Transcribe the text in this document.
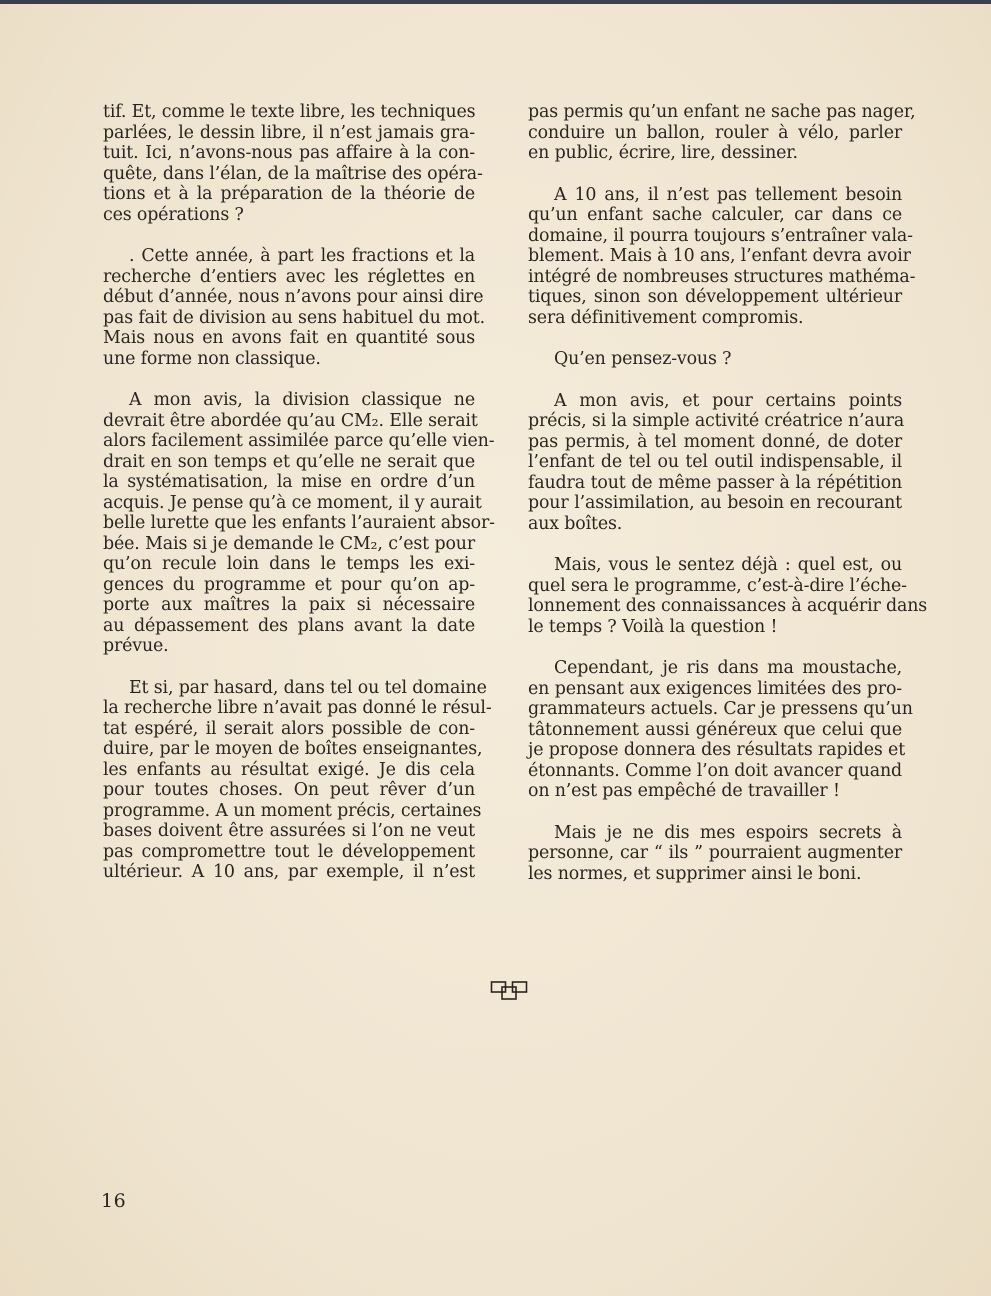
tif. Et, comme le texte libre, les techniques

parlées, le dessin libre, il n’est jamais gra-

tuit. Ici, n’avons-nous pas affaire à la con-

quête, dans l’élan, de la maîtrise des opéra-

tions et à la préparation de la théorie de

ces opérations ?

. Cette année, à part les fractions et la

recherche d’entiers avec les réglettes en

début d’année, nous n’avons pour ainsi dire

pas fait de division au sens habituel du mot.

Mais nous en avons fait en quantité sous

une forme non classique.

A mon avis, la division classique ne

devrait être abordée qu’au CM₂. Elle serait

alors facilement assimilée parce qu’elle vien-

drait en son temps et qu’elle ne serait que

la systématisation, la mise en ordre d’un

acquis. Je pense qu’à ce moment, il y aurait

belle lurette que les enfants l’auraient absor-

bée. Mais si je demande le CM₂, c’est pour

qu’on recule loin dans le temps les exi-

gences du programme et pour qu’on ap-

porte aux maîtres la paix si nécessaire

au dépassement des plans avant la date

prévue.

Et si, par hasard, dans tel ou tel domaine

la recherche libre n’avait pas donné le résul-

tat espéré, il serait alors possible de con-

duire, par le moyen de boîtes enseignantes,

les enfants au résultat exigé. Je dis cela

pour toutes choses. On peut rêver d’un

programme. A un moment précis, certaines

bases doivent être assurées si l’on ne veut

pas compromettre tout le développement

ultérieur. A 10 ans, par exemple, il n’est

pas permis qu’un enfant ne sache pas nager,

conduire un ballon, rouler à vélo, parler

en public, écrire, lire, dessiner.

A 10 ans, il n’est pas tellement besoin

qu’un enfant sache calculer, car dans ce

domaine, il pourra toujours s’entraîner vala-

blement. Mais à 10 ans, l’enfant devra avoir

intégré de nombreuses structures mathéma-

tiques, sinon son développement ultérieur

sera définitivement compromis.

Qu’en pensez-vous ?

A mon avis, et pour certains points

précis, si la simple activité créatrice n’aura

pas permis, à tel moment donné, de doter

l’enfant de tel ou tel outil indispensable, il

faudra tout de même passer à la répétition

pour l’assimilation, au besoin en recourant

aux boîtes.

Mais, vous le sentez déjà : quel est, ou

quel sera le programme, c’est-à-dire l’éche-

lonnement des connaissances à acquérir dans

le temps ? Voilà la question !

Cependant, je ris dans ma moustache,

en pensant aux exigences limitées des pro-

grammateurs actuels. Car je pressens qu’un

tâtonnement aussi généreux que celui que

je propose donnera des résultats rapides et

étonnants. Comme l’on doit avancer quand

on n’est pas empêché de travailler !

Mais je ne dis mes espoirs secrets à

personne, car “ ils ” pourraient augmenter

les normes, et supprimer ainsi le boni.

16
